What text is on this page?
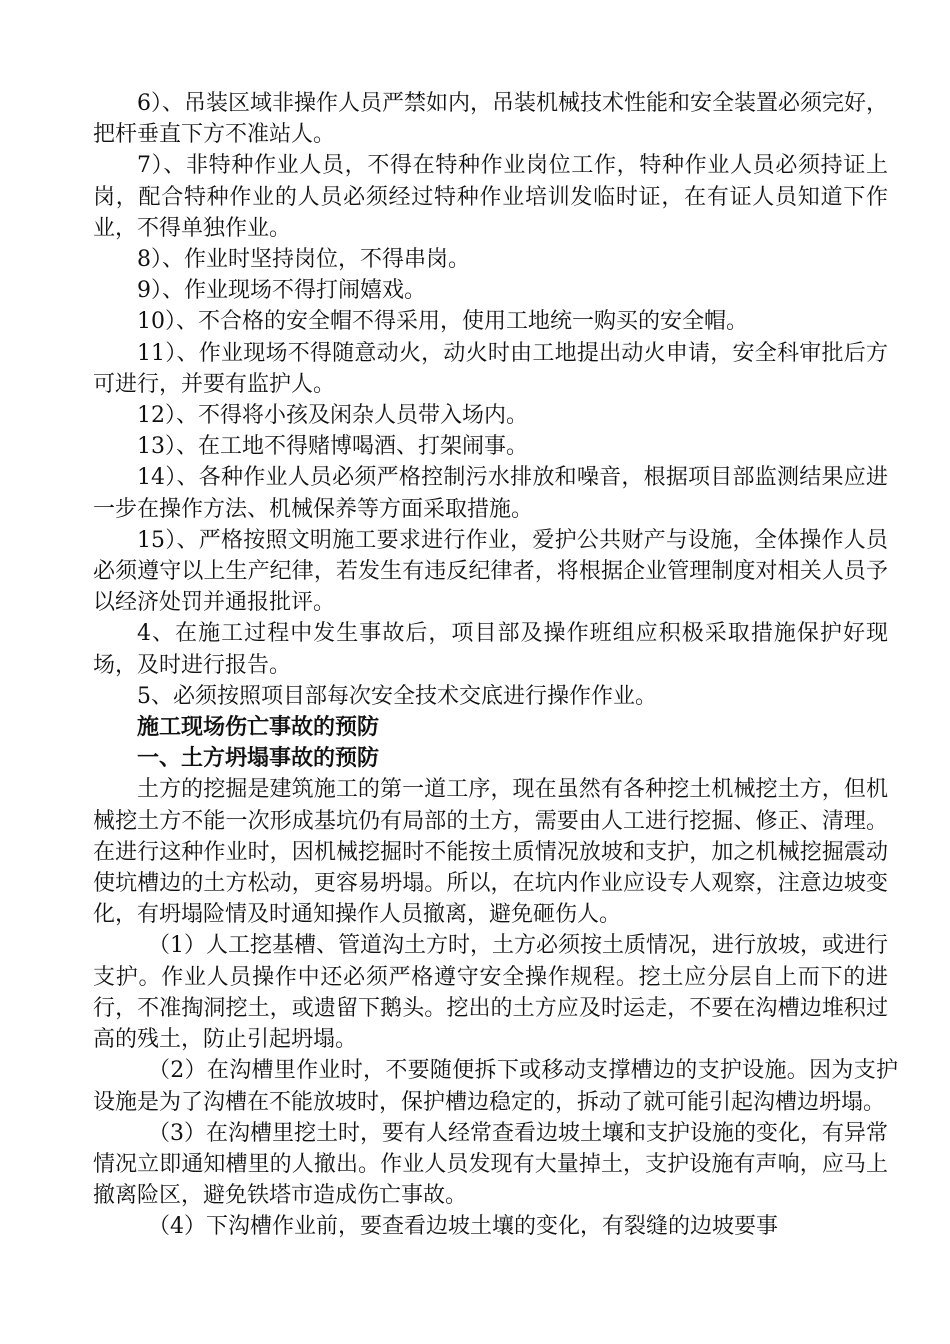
6）、吊装区域非操作人员严禁如内，吊装机械技术性能和安全装置必须完好，把杆垂直下方不准站人。

7）、非特种作业人员，不得在特种作业岗位工作，特种作业人员必须持证上岗，配合特种作业的人员必须经过特种作业培训发临时证，在有证人员知道下作业，不得单独作业。

8）、作业时坚持岗位，不得串岗。

9）、作业现场不得打闹嬉戏。

10）、不合格的安全帽不得采用，使用工地统一购买的安全帽。

11）、作业现场不得随意动火，动火时由工地提出动火申请，安全科审批后方可进行，并要有监护人。

12）、不得将小孩及闲杂人员带入场内。

13）、在工地不得赌博喝酒、打架闹事。

14）、各种作业人员必须严格控制污水排放和噪音，根据项目部监测结果应进一步在操作方法、机械保养等方面采取措施。

15）、严格按照文明施工要求进行作业，爱护公共财产与设施，全体操作人员必须遵守以上生产纪律，若发生有违反纪律者，将根据企业管理制度对相关人员予以经济处罚并通报批评。

4、在施工过程中发生事故后，项目部及操作班组应积极采取措施保护好现场，及时进行报告。

5、必须按照项目部每次安全技术交底进行操作作业。

施工现场伤亡事故的预防

一、土方坍塌事故的预防

土方的挖掘是建筑施工的第一道工序，现在虽然有各种挖土机械挖土方，但机械挖土方不能一次形成基坑仍有局部的土方，需要由人工进行挖掘、修正、清理。在进行这种作业时，因机械挖掘时不能按土质情况放坡和支护，加之机械挖掘震动使坑槽边的土方松动，更容易坍塌。所以，在坑内作业应设专人观察，注意边坡变化，有坍塌险情及时通知操作人员撤离，避免砸伤人。

（1）人工挖基槽、管道沟土方时，土方必须按土质情况，进行放坡，或进行支护。作业人员操作中还必须严格遵守安全操作规程。挖土应分层自上而下的进行，不准掏洞挖土，或遗留下鹅头。挖出的土方应及时运走，不要在沟槽边堆积过高的残土，防止引起坍塌。

（2）在沟槽里作业时，不要随便拆下或移动支撑槽边的支护设施。因为支护设施是为了沟槽在不能放坡时，保护槽边稳定的，拆动了就可能引起沟槽边坍塌。

（3）在沟槽里挖土时，要有人经常查看边坡土壤和支护设施的变化，有异常情况立即通知槽里的人撤出。作业人员发现有大量掉土，支护设施有声响，应马上撤离险区，避免铁塔市造成伤亡事故。

（4）下沟槽作业前，要查看边坡土壤的变化，有裂缝的边坡要事
